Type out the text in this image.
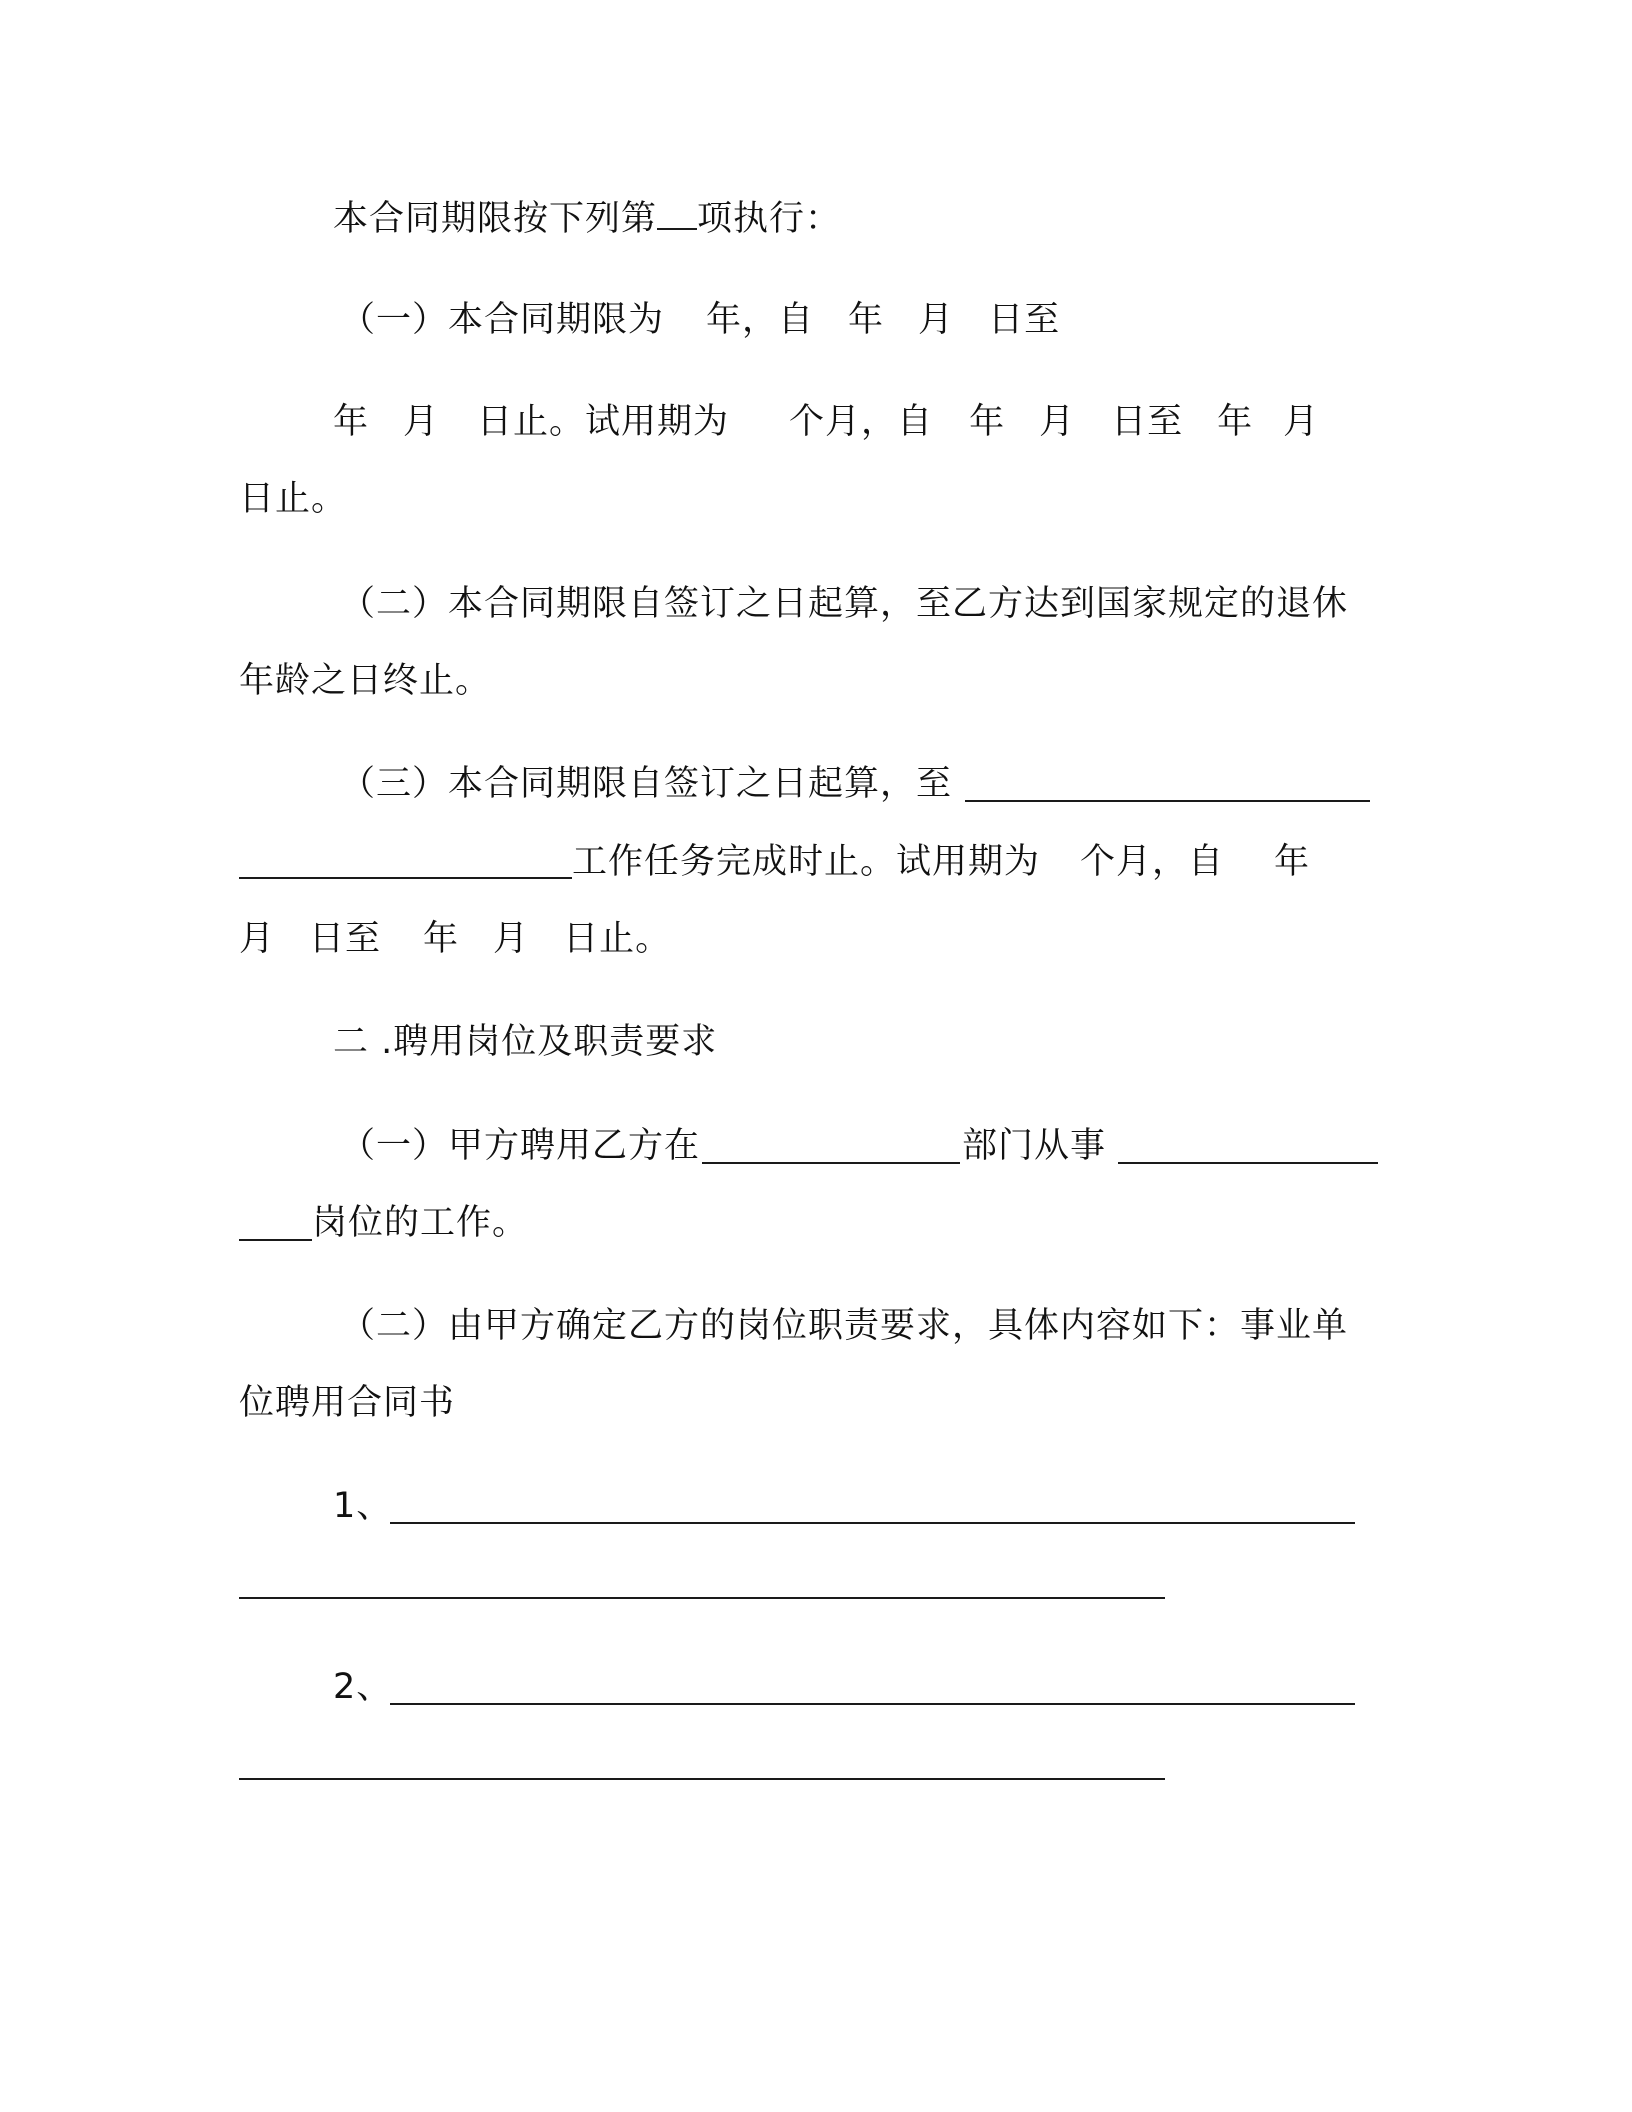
本合同期限按下列第 项执行：
（一）本合同期限为 年，自 年 月 日至
年 月 日止。试用期为 个月，自 年 月 日至 年 月
日止。
（二）本合同期限自签订之日起算，至乙方达到国家规定的退休
年龄之日终止。
（三）本合同期限自签订之日起算，至
工作任务完成时止。试用期为 个月，自 年
月 日至 年 月 日止。
二 .聘用岗位及职责要求
（一）甲方聘用乙方在	部门从事
岗位的工作。
（二）由甲方确定乙方的岗位职责要求，具体内容如下：事业单
位聘用合同书
1、
2、
